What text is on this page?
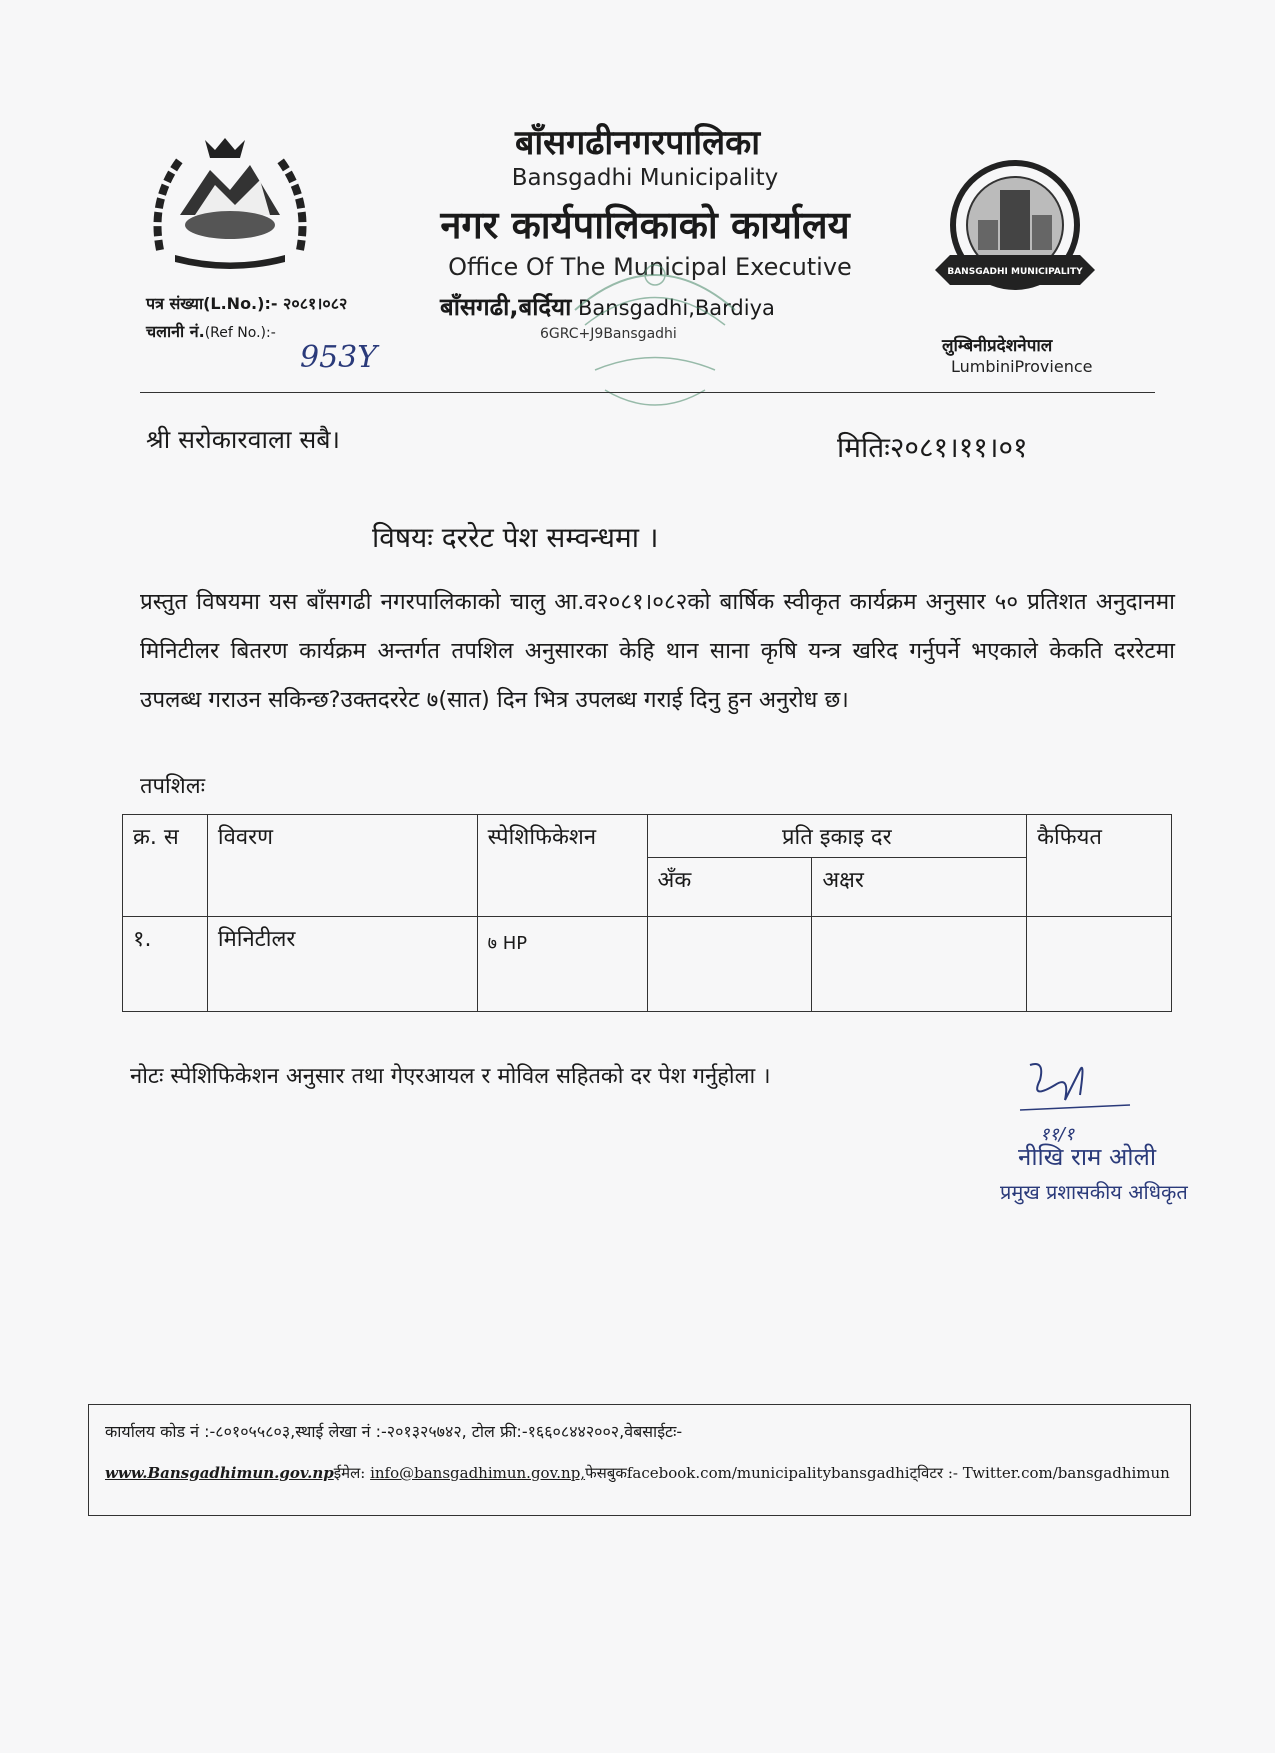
BANSGADHI MUNICIPALITY
बाँसगढीनगरपालिका
Bansgadhi Municipality
नगर कार्यपालिकाको कार्यालय
Office Of The Municipal Executive
बाँसगढी,बर्दिया Bansgadhi,Bardiya
6GRC+J9Bansgadhi
लुम्बिनीप्रदेशनेपाल
LumbiniProvience
पत्र संख्या(L.No.):- २०८१।०८२
चलानी नं.(Ref No.):-
953Y
श्री सरोकारवाला सबै।	मितिः२०८१।११।०१
विषयः दररेट पेश सम्वन्धमा ।
प्रस्तुत विषयमा यस बाँसगढी नगरपालिकाको चालु आ.व२०८१।०८२को बार्षिक स्वीकृत कार्यक्रम अनुसार ५० प्रतिशत अनुदानमा मिनिटीलर बितरण कार्यक्रम अन्तर्गत तपशिल अनुसारका केहि थान साना कृषि यन्त्र खरिद गर्नुपर्ने भएकाले केकति दररेटमा उपलब्ध गराउन सकिन्छ?उक्तदररेट ७(सात) दिन भित्र उपलब्ध गराई दिनु हुन अनुरोध छ।
तपशिलः
क्र. स	विवरण	स्पेशिफिकेशन	प्रति इकाइ दर		कैफियत
			अँक	अक्षर	
१.	मिनिटीलर	७ HP			
नोटः स्पेशिफिकेशन अनुसार तथा गेएरआयल र मोविल सहितको दर पेश गर्नुहोला ।
११/१
नीखि राम ओली
प्रमुख प्रशासकीय अधिकृत
कार्यालय कोड नं :-८०१०५५८०३,स्थाई लेखा नं :-२०१३२५७४२, टोल फ्री:-१६६०८४४२००२,वेबसाईटः-
www.Bansgadhimun.gov.npईमेल: info@bansgadhimun.gov.np,फेसबुकfacebook.com/municipalitybansgadhiट्विटर :- Twitter.com/bansgadhimun
